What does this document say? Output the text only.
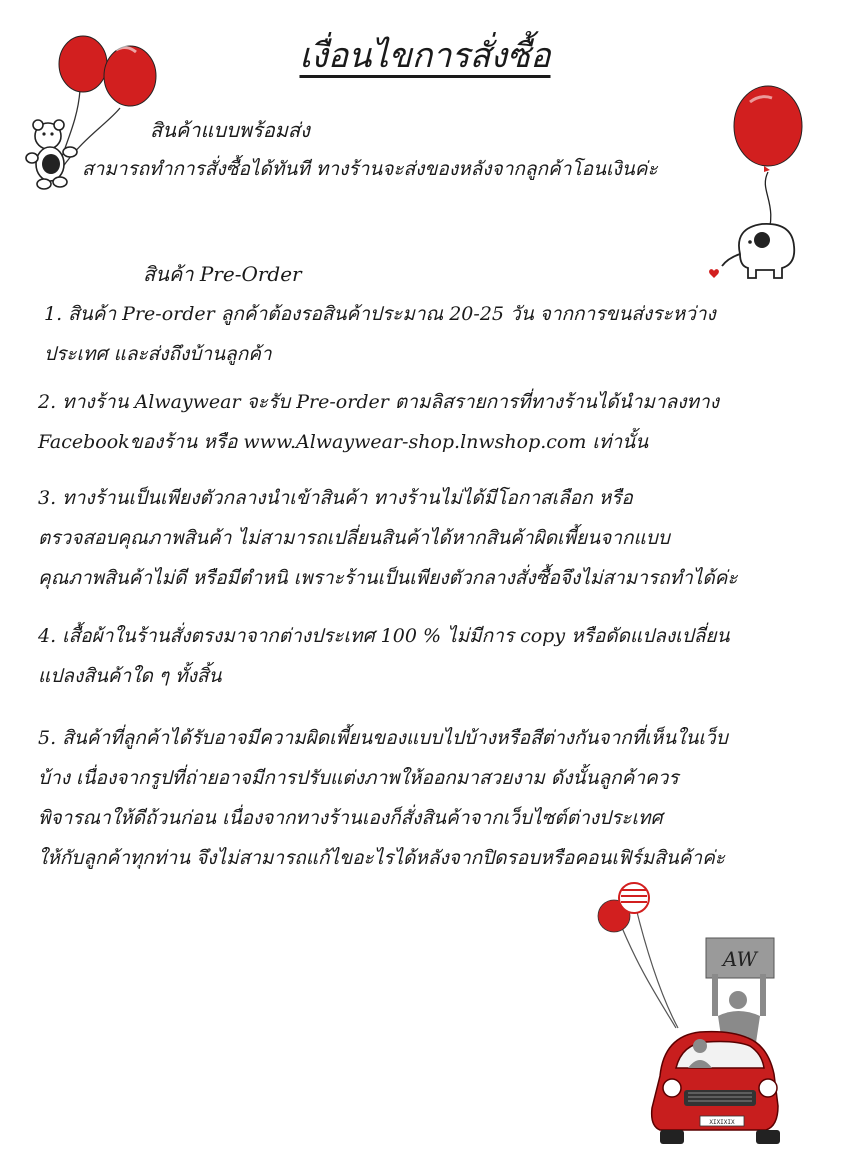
เงื่อนไขการสั่งซื้อ
สินค้าแบบพร้อมส่ง
สามารถทำการสั่งซื้อได้ทันที ทางร้านจะส่งของหลังจากลูกค้าโอนเงินค่ะ
สินค้า Pre-Order
1. สินค้า Pre-order ลูกค้าต้องรอสินค้าประมาณ 20-25 วัน จากการขนส่งระหว่าง
ประเทศ และส่งถึงบ้านลูกค้า
2. ทางร้าน Alwaywear จะรับ Pre-order ตามลิสรายการที่ทางร้านได้นำมาลงทาง
Facebookของร้าน หรือ www.Alwaywear-shop.lnwshop.com เท่านั้น
3. ทางร้านเป็นเพียงตัวกลางนำเข้าสินค้า ทางร้านไม่ได้มีโอกาสเลือก หรือ
ตรวจสอบคุณภาพสินค้า ไม่สามารถเปลี่ยนสินค้าได้หากสินค้าผิดเพี้ยนจากแบบ
คุณภาพสินค้าไม่ดี หรือมีตำหนิ เพราะร้านเป็นเพียงตัวกลางสั่งซื้อจึงไม่สามารถทำได้ค่ะ
4. เสื้อผ้าในร้านสั่งตรงมาจากต่างประเทศ 100 % ไม่มีการ copy หรือดัดแปลงเปลี่ยน
แปลงสินค้าใด ๆ ทั้งสิ้น
5. สินค้าที่ลูกค้าได้รับอาจมีความผิดเพี้ยนของแบบไปบ้างหรือสีต่างกันจากที่เห็นในเว็บ
บ้าง เนื่องจากรูปที่ถ่ายอาจมีการปรับแต่งภาพให้ออกมาสวยงาม ดังนั้นลูกค้าควร
พิจารณาให้ดีถ้วนก่อน เนื่องจากทางร้านเองก็สั่งสินค้าจากเว็บไซต์ต่างประเทศ
ให้กับลูกค้าทุกท่าน จึงไม่สามารถแก้ไขอะไรได้หลังจากปิดรอบหรือคอนเฟิร์มสินค้าค่ะ
AW
XIXIXIX
